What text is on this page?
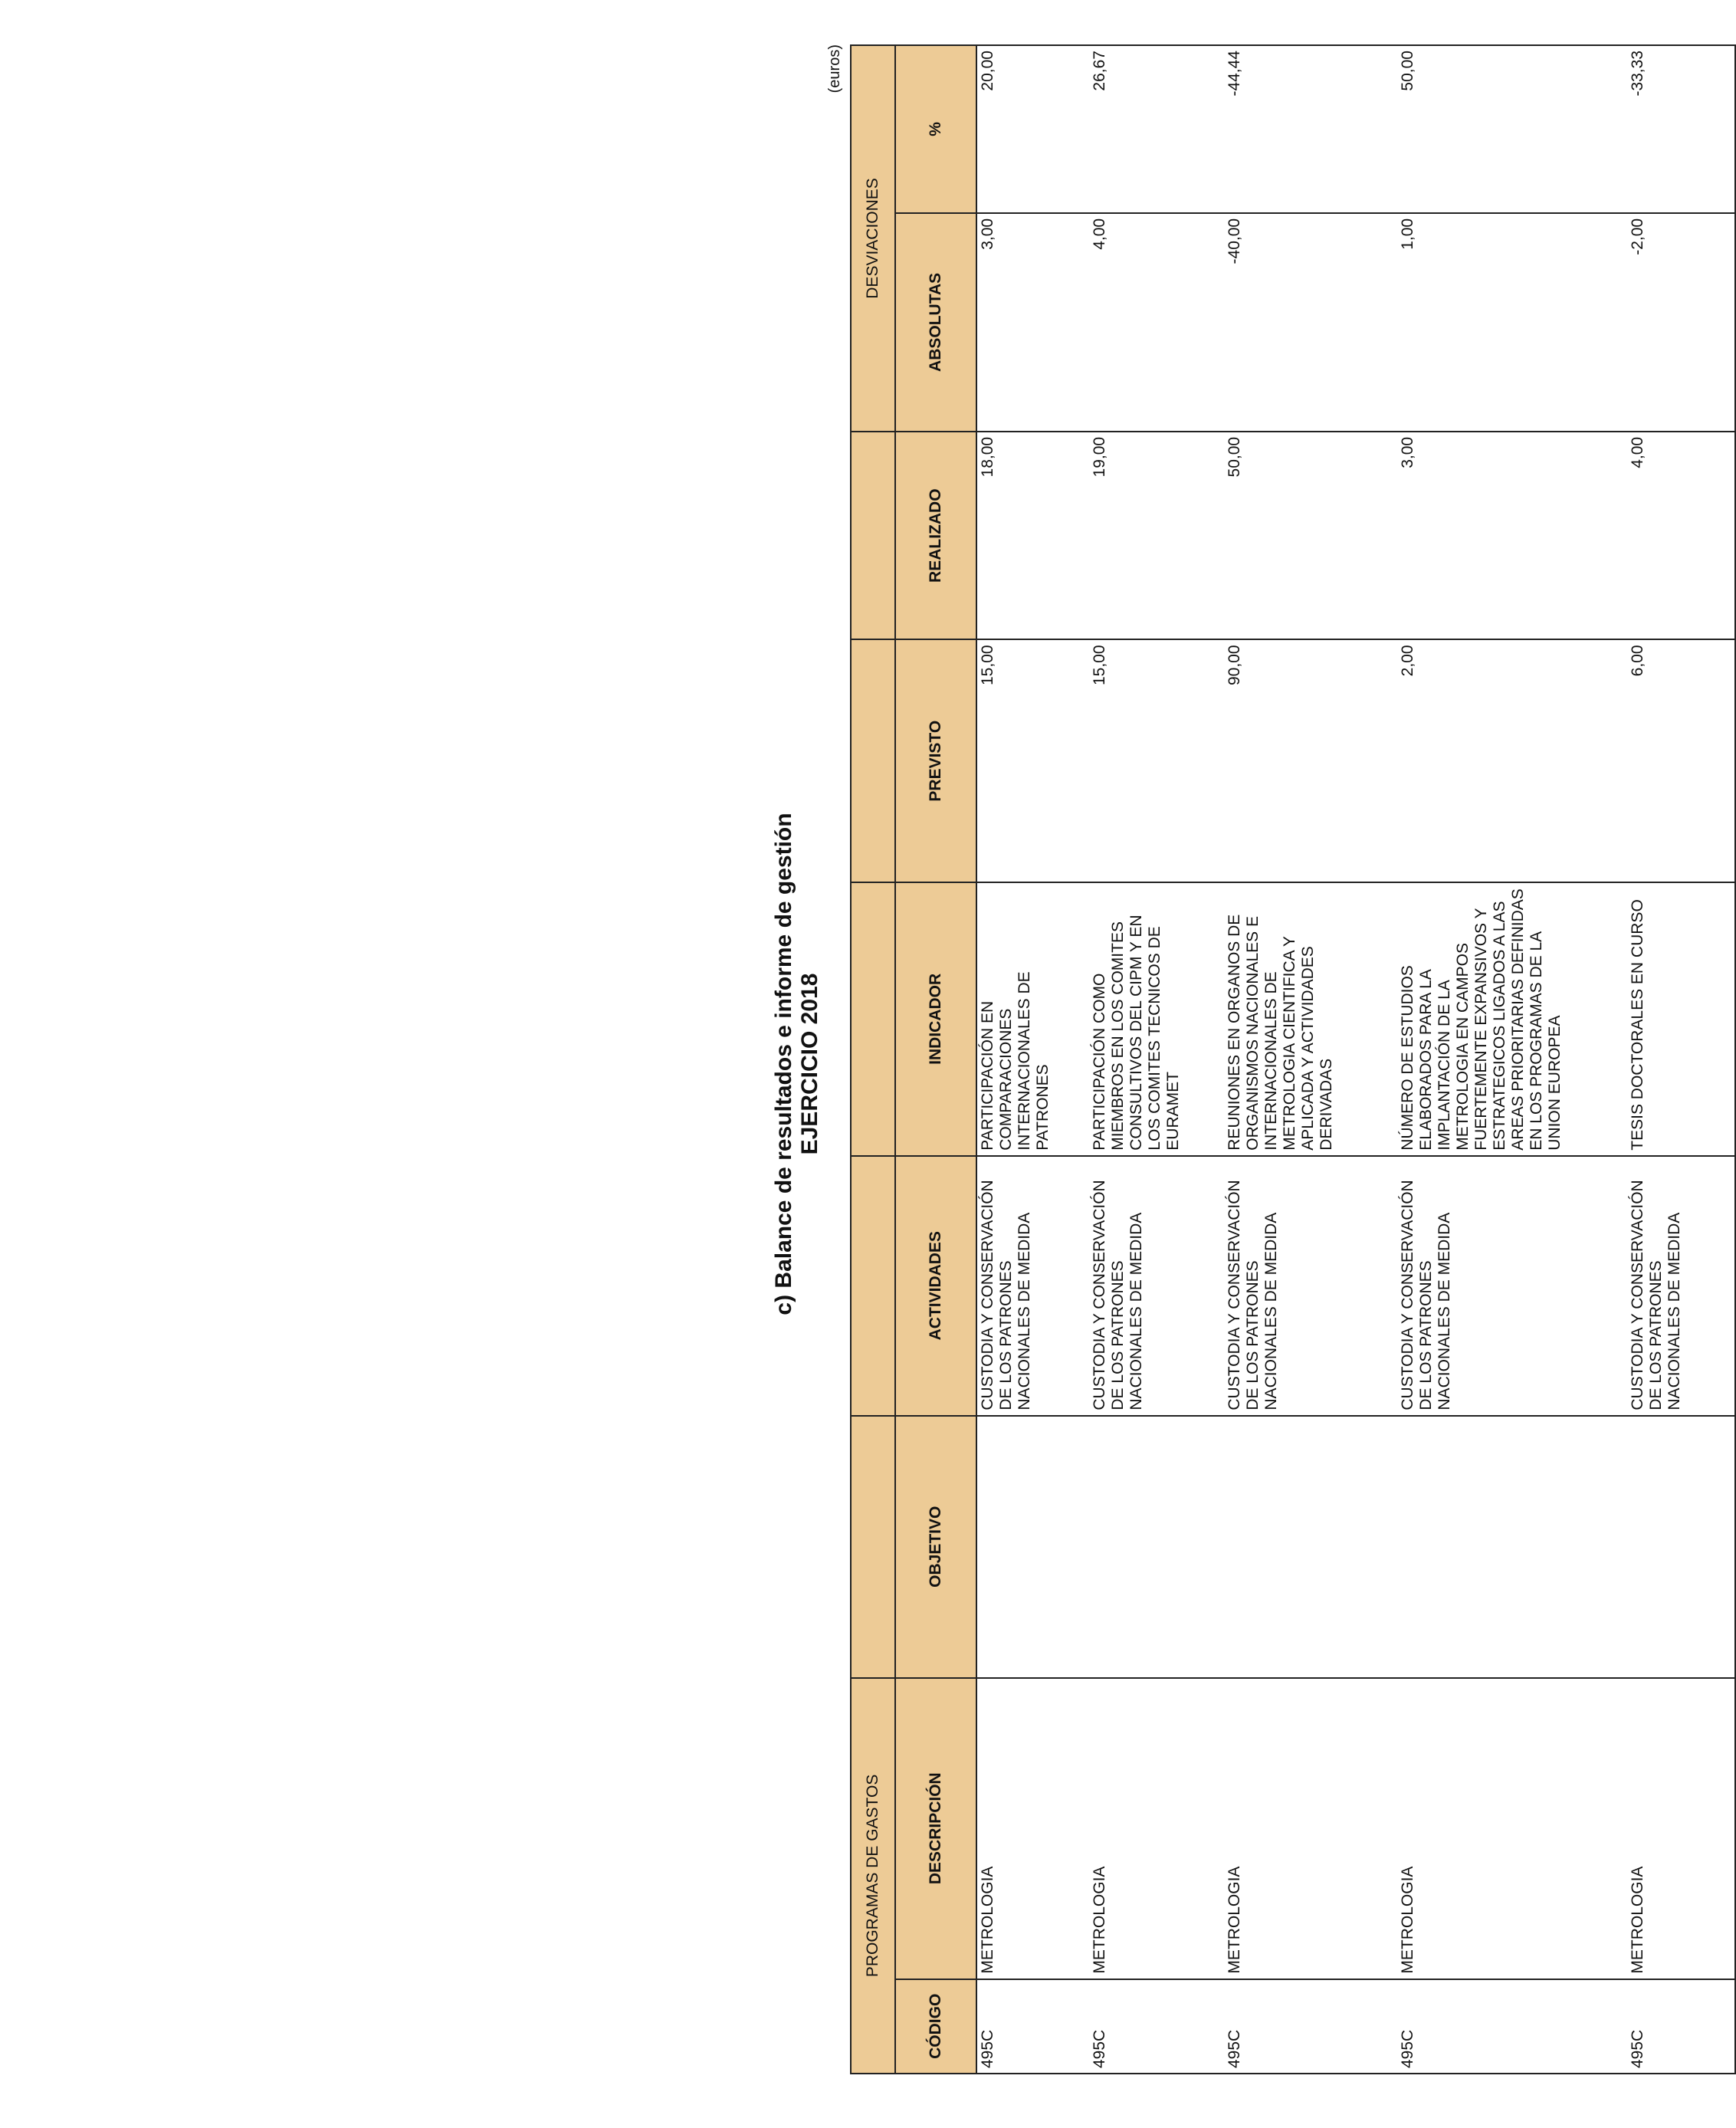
c) Balance de resultados e informe de gestión EJERCICIO 2018
(euros)
PROGRAMAS DE GASTOS							DESVIACIONES	
CÓDIGO	DESCRIPCIÓN	OBJETIVO	ACTIVIDADES	INDICADOR	PREVISTO	REALIZADO	ABSOLUTAS	%
495C	METROLOGIA		CUSTODIA Y CONSERVACIÓN DE LOS PATRONES NACIONALES DE MEDIDA	PARTICIPACIÓN EN COMPARACIONES INTERNACIONALES DE PATRONES	15,00	18,00	3,00	20,00
495C	METROLOGIA		CUSTODIA Y CONSERVACIÓN DE LOS PATRONES NACIONALES DE MEDIDA	PARTICIPACIÓN COMO MIEMBROS EN LOS COMITES CONSULTIVOS DEL CIPM Y EN LOS COMITES TECNICOS DE EURAMET	15,00	19,00	4,00	26,67
495C	METROLOGIA		CUSTODIA Y CONSERVACIÓN DE LOS PATRONES NACIONALES DE MEDIDA	REUNIONES EN ORGANOS DE ORGANISMOS NACIONALES E INTERNACIONALES DE METROLOGIA CIENTIFICA Y APLICADA Y ACTIVIDADES DERIVADAS	90,00	50,00	-40,00	-44,44
495C	METROLOGIA		CUSTODIA Y CONSERVACIÓN DE LOS PATRONES NACIONALES DE MEDIDA	NÚMERO DE ESTUDIOS ELABORADOS PARA LA IMPLANTACIÓN DE LA METROLOGIA EN CAMPOS FUERTEMENTE EXPANSIVOS Y ESTRATEGICOS LIGADOS A LAS AREAS PRIORITARIAS DEFINIDAS EN LOS PROGRAMAS DE LA UNION EUROPEA	2,00	3,00	1,00	50,00
495C	METROLOGIA		CUSTODIA Y CONSERVACIÓN DE LOS PATRONES NACIONALES DE MEDIDA	TESIS DOCTORALES EN CURSO	6,00	4,00	-2,00	-33,33
